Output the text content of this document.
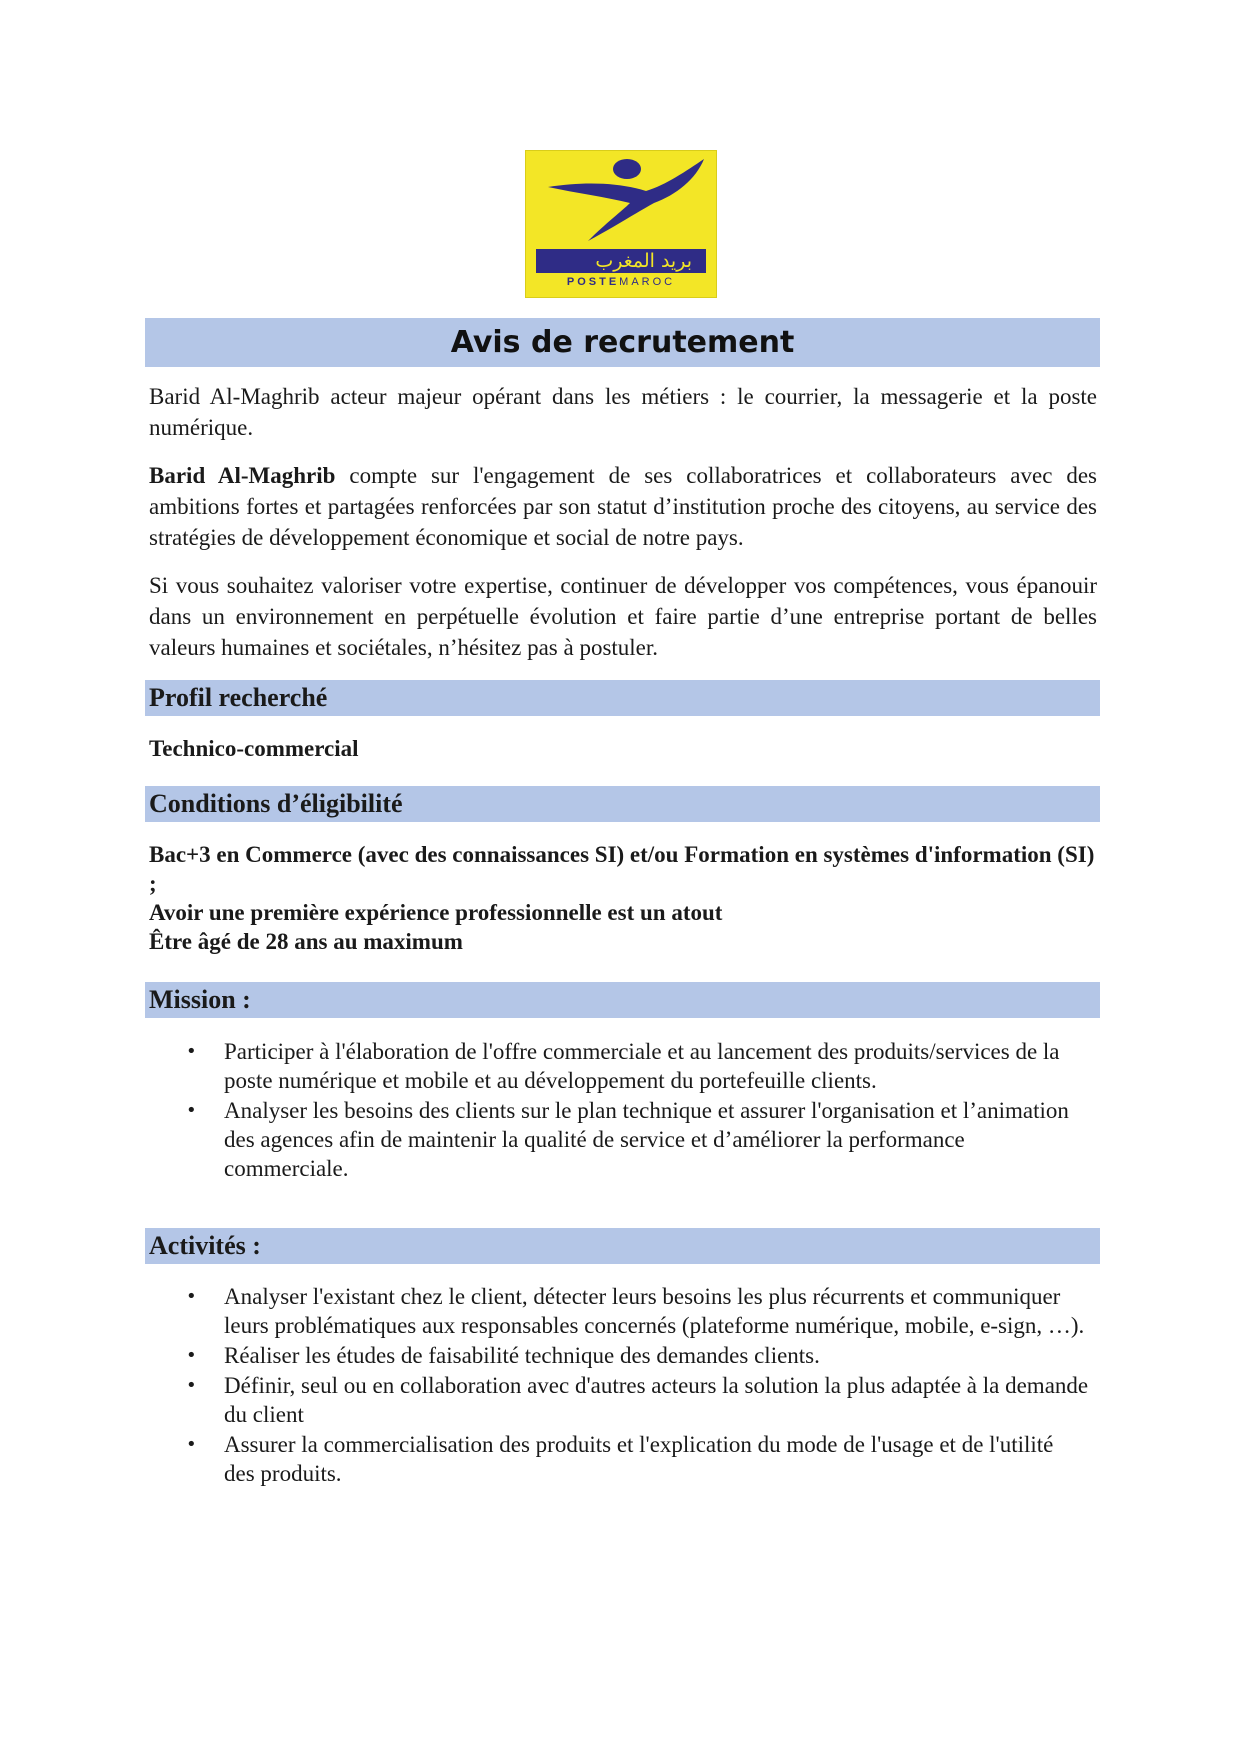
بريد المغرب
POSTEMAROC
Avis de recrutement

Barid Al-Maghrib acteur majeur opérant dans les métiers : le courrier, la messagerie et la poste numérique.

Barid Al-Maghrib compte sur l'engagement de ses collaboratrices et collaborateurs avec des ambitions fortes et partagées renforcées par son statut d’institution proche des citoyens, au service des stratégies de développement économique et social de notre pays.

Si vous souhaitez valoriser votre expertise, continuer de développer vos compétences, vous épanouir dans un environnement en perpétuelle évolution et faire partie d’une entreprise portant de belles valeurs humaines et sociétales, n’hésitez pas à postuler.

Profil recherché

Technico-commercial

Conditions d’éligibilité
Bac+3 en Commerce (avec des connaissances SI) et/ou Formation en systèmes d'information (SI) ;
Avoir une première expérience professionnelle est un atout
Être âgé de 28 ans au maximum
Mission :
• Participer à l'élaboration de l'offre commerciale et au lancement des produits/services de la poste numérique et mobile et au développement du portefeuille clients.
• Analyser les besoins des clients sur le plan technique et assurer l'organisation et l’animation des agences afin de maintenir la qualité de service et d’améliorer la performance commerciale.
Activités :
• Analyser l'existant chez le client, détecter leurs besoins les plus récurrents et communiquer leurs problématiques aux responsables concernés (plateforme numérique, mobile, e-sign, …).
• Réaliser les études de faisabilité technique des demandes clients.
• Définir, seul ou en collaboration avec d'autres acteurs la solution la plus adaptée à la demande du client
• Assurer la commercialisation des produits et l'explication du mode de l'usage et de l'utilité des produits.
